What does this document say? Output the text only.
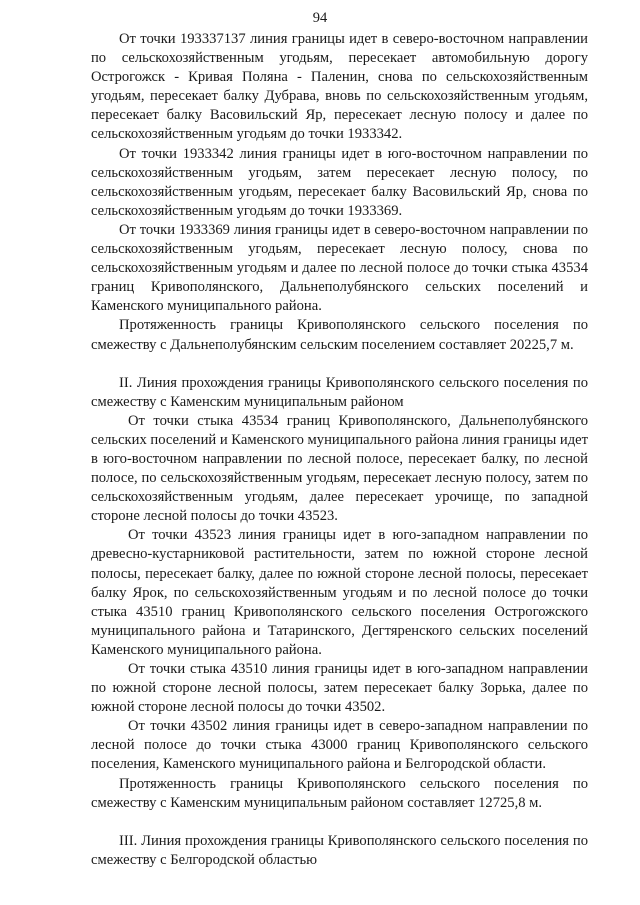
94

От точки 193337137 линия границы идет в северо-восточном направлении по сельскохозяйственным угодьям, пересекает автомобильную дорогу Острогожск - Кривая Поляна - Паленин, снова по сельскохозяйственным угодьям, пересекает балку Дубрава, вновь по сельскохозяйственным угодьям, пересекает балку Васовильский Яр, пересекает лесную полосу и далее по сельскохозяйственным угодьям до точки 1933342.

От точки 1933342 линия границы идет в юго-восточном направлении по сельскохозяйственным угодьям, затем пересекает лесную полосу, по сельскохозяйственным угодьям, пересекает балку Васовильский Яр, снова по сельскохозяйственным угодьям до точки 1933369.

От точки 1933369 линия границы идет в северо-восточном направлении по сельскохозяйственным угодьям, пересекает лесную полосу, снова по сельскохозяйственным угодьям и далее по лесной полосе до точки стыка 43534 границ Кривополянского, Дальнеполубянского сельских поселений и Каменского муниципального района.

Протяженность границы Кривополянского сельского поселения по смежеству с Дальнеполубянским сельским поселением составляет 20225,7 м.

II. Линия прохождения границы Кривополянского сельского поселения по смежеству с Каменским муниципальным районом

От точки стыка 43534 границ Кривополянского, Дальнеполубянского сельских поселений и Каменского муниципального района линия границы идет в юго-восточном направлении по лесной полосе, пересекает балку, по лесной полосе, по сельскохозяйственным угодьям, пересекает лесную полосу, затем по сельскохозяйственным угодьям, далее пересекает урочище, по западной стороне лесной полосы до точки 43523.

От точки 43523 линия границы идет в юго-западном направлении по древесно-кустарниковой растительности, затем по южной стороне лесной полосы, пересекает балку, далее по южной стороне лесной полосы, пересекает балку Ярок, по сельскохозяйственным угодьям и по лесной полосе до точки стыка 43510 границ Кривополянского сельского поселения Острогожского муниципального района и Татаринского, Дегтяренского сельских поселений Каменского муниципального района.

От точки стыка 43510 линия границы идет в юго-западном направлении по южной стороне лесной полосы, затем пересекает балку Зорька, далее по южной стороне лесной полосы до точки 43502.

От точки 43502 линия границы идет в северо-западном направлении по лесной полосе до точки стыка 43000 границ Кривополянского сельского поселения, Каменского муниципального района и Белгородской области.

Протяженность границы Кривополянского сельского поселения по смежеству с Каменским муниципальным районом составляет 12725,8 м.

III. Линия прохождения границы Кривополянского сельского поселения по смежеству с Белгородской областью
